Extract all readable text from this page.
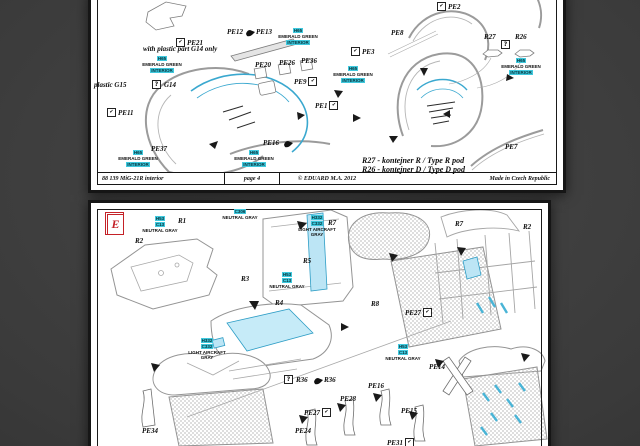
88 139 MiG-21R interior	page 4	© EDUARD M.A. 2012	Made in Czech Republic
E
PE12 PE13
✔ PE21
✔ PE11
PE37
PE16
PE20 PE26 PE36
PE9 ✔
✔ PE3
PE1 ✔
✔ PE2
PE8	R27	R26
PE7
?
?
with plastic part G14 only
plastic G15	G14
R27 - kontejner R / Type R pod
R26 - kontejner D / Type D pod
H65
EMERALD GREEN
INTERIOR
H65
EMERALD GREEN
INTERIOR
H65
EMERALD GREEN
INTERIOR
H65
EMERALD GREEN
INTERIOR
H65
EMERALD GREEN
INTERIOR
H65
EMERALD GREEN
INTERIOR
R1
R2
R3
R4
R5
R7	R7	R2
R8
PE27 ✔
R36 R36
PE14
PE16
PE28
PE27 ✔	PE15
PE24
PE34
PE31 ✔
?
H53
C13
NEUTRAL GRAY
C306
NEUTRAL GRAY
H53
C13
NEUTRAL GRAY
H332
C332
LIGHT AIRCRAFT GRAY
H332
C332
LIGHT AIRCRAFT GRAY
H53
C13
NEUTRAL GRAY
